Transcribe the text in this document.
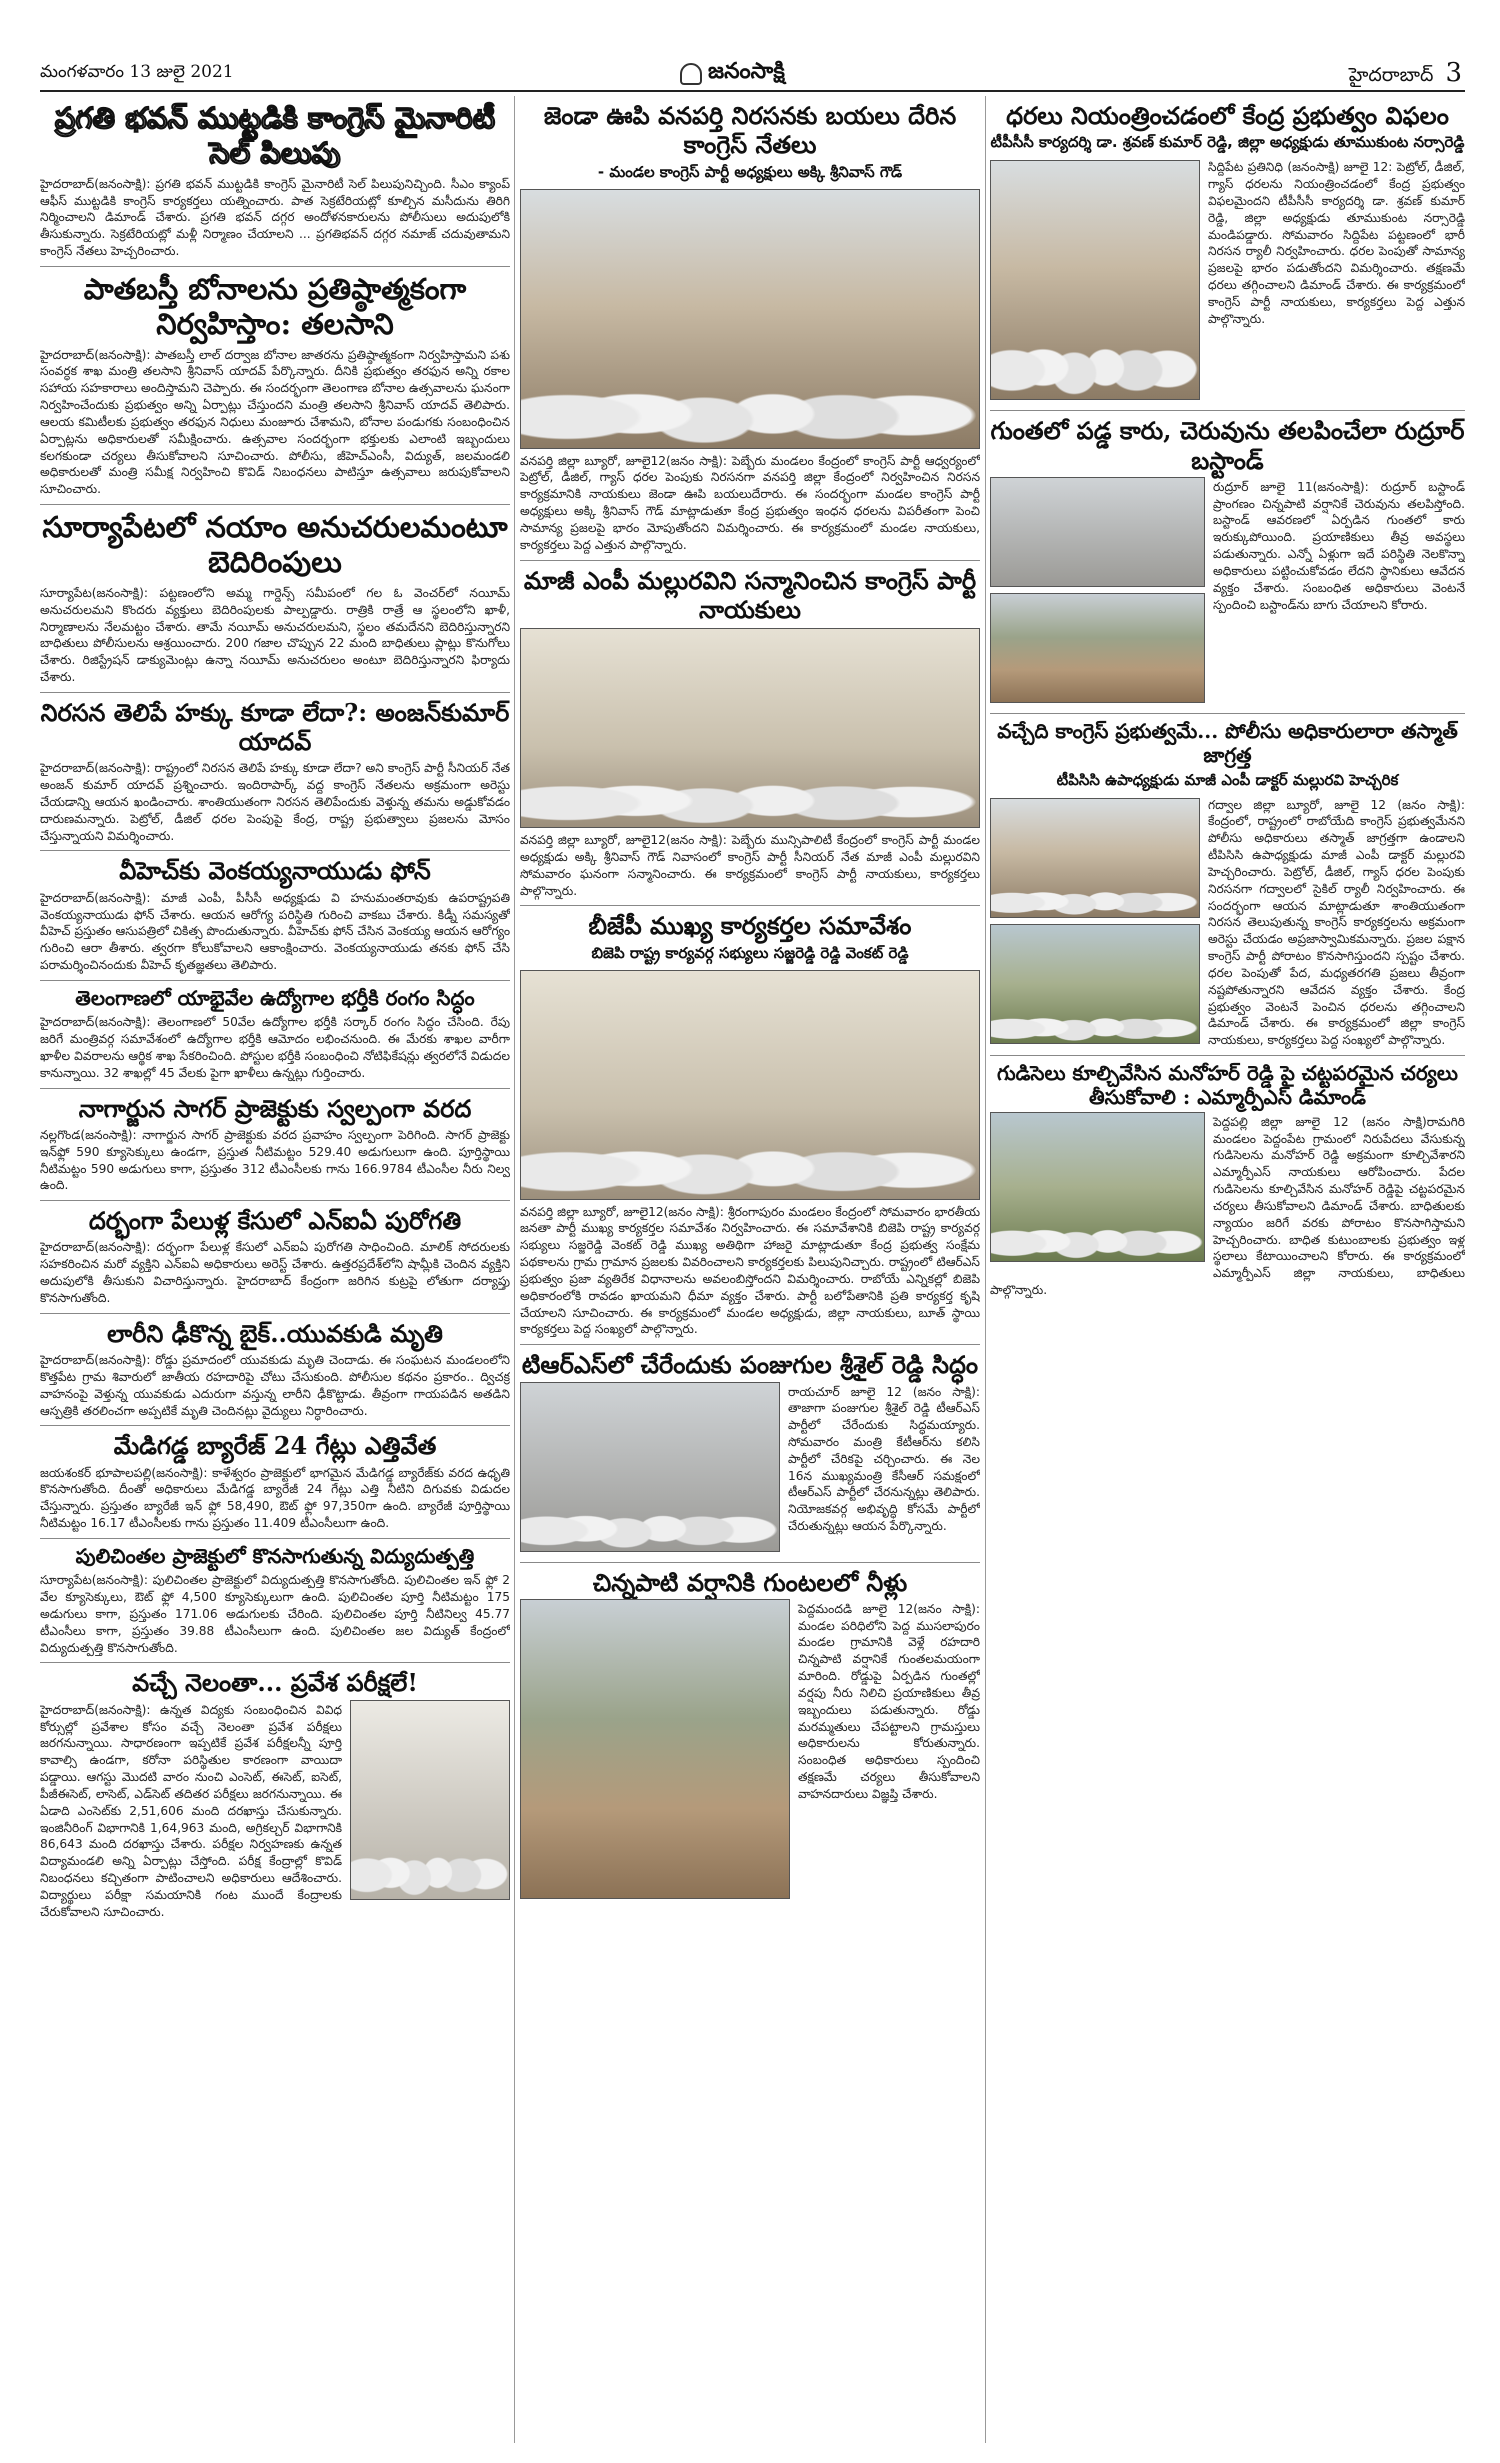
మంగళవారం 13 జులై 2021	జనంసాక్షి	హైదరాబాద్ 3
ప్రగతి భవన్ ముట్టడికి కాంగ్రెస్ మైనారిటీ సెల్ పిలుపు
హైదరాబాద్(జనంసాక్షి): ప్రగతి భవన్ ముట్టడికి కాంగ్రెస్ మైనారిటీ సెల్ పిలుపునిచ్చింది. సీఎం క్యాంప్ ఆఫీస్ ముట్టడికి కాంగ్రెస్ కార్యకర్తలు యత్నించారు. పాత సెక్రటేరియట్లో కూల్చిన మసీదును తిరిగి నిర్మించాలని డిమాండ్ చేశారు. ప్రగతి భవన్ దగ్గర అందోళనకారులను పోలీసులు అదుపులోకి తీసుకున్నారు. సెక్రటేరియట్లో మళ్లీ నిర్మాణం చేయాలని ... ప్రగతిభవన్ దగ్గర నమాజ్ చదువుతామని కాంగ్రెస్ నేతలు హెచ్చరించారు.
పాతబస్తీ బోనాలను ప్రతిష్ఠాత్మకంగా నిర్వహిస్తాం: తలసాని
హైదరాబాద్(జనంసాక్షి): పాతబస్తీ లాల్ దర్వాజ బోనాల జాతరను ప్రతిష్ఠాత్మకంగా నిర్వహిస్తామని పశు సంవర్ధక శాఖ మంత్రి తలసాని శ్రీనివాస్ యాదవ్ పేర్కొన్నారు. దీనికి ప్రభుత్వం తరఫున అన్ని రకాల సహాయ సహకారాలు అందిస్తామని చెప్పారు. ఈ సందర్భంగా తెలంగాణ బోనాల ఉత్సవాలను ఘనంగా నిర్వహించేందుకు ప్రభుత్వం అన్ని ఏర్పాట్లు చేస్తుందని మంత్రి తలసాని శ్రీనివాస్ యాదవ్ తెలిపారు. ఆలయ కమిటీలకు ప్రభుత్వం తరఫున నిధులు మంజూరు చేశామని, బోనాల పండుగకు సంబంధించిన ఏర్పాట్లను అధికారులతో సమీక్షించారు. ఉత్సవాల సందర్భంగా భక్తులకు ఎలాంటి ఇబ్బందులు కలగకుండా చర్యలు తీసుకోవాలని సూచించారు. పోలీసు, జీహెచ్ఎంసీ, విద్యుత్, జలమండలి అధికారులతో మంత్రి సమీక్ష నిర్వహించి కొవిడ్ నిబంధనలు పాటిస్తూ ఉత్సవాలు జరుపుకోవాలని సూచించారు.
సూర్యాపేటలో నయాం అనుచరులమంటూ బెదిరింపులు
సూర్యాపేట(జనంసాక్షి): పట్టణంలోని అమ్మ గార్డెన్స్ సమీపంలో గల ఓ వెంచర్‌లో నయీమ్ అనుచరులమని కొందరు వ్యక్తులు బెదిరింపులకు పాల్పడ్డారు. రాత్రికి రాత్రే ఆ స్థలంలోని ఖాళీ, నిర్మాణాలను నేలమట్టం చేశారు. తామే నయీమ్ అనుచరులమని, స్థలం తమదేనని బెదిరిస్తున్నారని బాధితులు పోలీసులను ఆశ్రయించారు. 200 గజాల చొప్పున 22 మంది బాధితులు ప్లాట్లు కొనుగోలు చేశారు. రిజిస్ట్రేషన్ డాక్యుమెంట్లు ఉన్నా నయీమ్ అనుచరులం అంటూ బెదిరిస్తున్నారని ఫిర్యాదు చేశారు.
నిరసన తెలిపే హక్కు కూడా లేదా?: అంజన్‌కుమార్ యాదవ్
హైదరాబాద్(జనంసాక్షి): రాష్ట్రంలో నిరసన తెలిపే హక్కు కూడా లేదా? అని కాంగ్రెస్ పార్టీ సీనియర్ నేత అంజన్ కుమార్ యాదవ్ ప్రశ్నించారు. ఇందిరాపార్క్ వద్ద కాంగ్రెస్ నేతలను అక్రమంగా అరెస్టు చేయడాన్ని ఆయన ఖండించారు. శాంతియుతంగా నిరసన తెలిపేందుకు వెళ్తున్న తమను అడ్డుకోవడం దారుణమన్నారు. పెట్రోల్, డీజిల్ ధరల పెంపుపై కేంద్ర, రాష్ట్ర ప్రభుత్వాలు ప్రజలను మోసం చేస్తున్నాయని విమర్శించారు.
వీహెచ్‌కు వెంకయ్యనాయుడు ఫోన్
హైదరాబాద్(జనంసాక్షి): మాజీ ఎంపీ, పీసీసీ అధ్యక్షుడు వి హనుమంతరావుకు ఉపరాష్ట్రపతి వెంకయ్యనాయుడు ఫోన్ చేశారు. ఆయన ఆరోగ్య పరిస్థితి గురించి వాకబు చేశారు. కిడ్నీ సమస్యతో వీహెచ్ ప్రస్తుతం ఆసుపత్రిలో చికిత్స పొందుతున్నారు. వీహెచ్‌కు ఫోన్ చేసిన వెంకయ్య ఆయన ఆరోగ్యం గురించి ఆరా తీశారు. త్వరగా కోలుకోవాలని ఆకాంక్షించారు. వెంకయ్యనాయుడు తనకు ఫోన్ చేసి పరామర్శించినందుకు వీహెచ్ కృతజ్ఞతలు తెలిపారు.
తెలంగాణలో యాభైవేల ఉద్యోగాల భర్తీకి రంగం సిద్ధం
హైదరాబాద్(జనంసాక్షి): తెలంగాణలో 50వేల ఉద్యోగాల భర్తీకి సర్కార్ రంగం సిద్ధం చేసింది. రేపు జరిగే మంత్రివర్గ సమావేశంలో ఉద్యోగాల భర్తీకి ఆమోదం లభించనుంది. ఈ మేరకు శాఖల వారీగా ఖాళీల వివరాలను ఆర్థిక శాఖ సేకరించింది. పోస్టుల భర్తీకి సంబంధించి నోటిఫికేషన్లు త్వరలోనే విడుదల కానున్నాయి. 32 శాఖల్లో 45 వేలకు పైగా ఖాళీలు ఉన్నట్లు గుర్తించారు.
నాగార్జున సాగర్ ప్రాజెక్టుకు స్వల్పంగా వరద
నల్లగొండ(జనంసాక్షి): నాగార్జున సాగర్ ప్రాజెక్టుకు వరద ప్రవాహం స్వల్పంగా పెరిగింది. సాగర్ ప్రాజెక్టు ఇన్‌ఫ్లో 590 క్యూసెక్కులు ఉండగా, ప్రస్తుత నీటిమట్టం 529.40 అడుగులుగా ఉంది. పూర్తిస్థాయి నీటిమట్టం 590 అడుగులు కాగా, ప్రస్తుతం 312 టీఎంసీలకు గాను 166.9784 టీఎంసీల నీరు నిల్వ ఉంది.
దర్భంగా పేలుళ్ల కేసులో ఎన్ఐఏ పురోగతి
హైదరాబాద్(జనంసాక్షి): దర్భంగా పేలుళ్ల కేసులో ఎన్ఐఏ పురోగతి సాధించింది. మాలిక్ సోదరులకు సహకరించిన మరో వ్యక్తిని ఎన్ఐఏ అధికారులు అరెస్ట్ చేశారు. ఉత్తరప్రదేశ్‌లోని షామ్లీకి చెందిన వ్యక్తిని అదుపులోకి తీసుకుని విచారిస్తున్నారు. హైదరాబాద్ కేంద్రంగా జరిగిన కుట్రపై లోతుగా దర్యాప్తు కొనసాగుతోంది.
లారీని ఢీకొన్న బైక్..యువకుడి మృతి
హైదరాబాద్(జనంసాక్షి): రోడ్డు ప్రమాదంలో యువకుడు మృతి చెందాడు. ఈ సంఘటన మండలంలోని కొత్తపేట గ్రామ శివారులో జాతీయ రహదారిపై చోటు చేసుకుంది. పోలీసుల కథనం ప్రకారం.. ద్విచక్ర వాహనంపై వెళ్తున్న యువకుడు ఎదురుగా వస్తున్న లారీని ఢీకొట్టాడు. తీవ్రంగా గాయపడిన అతడిని ఆస్పత్రికి తరలించగా అప్పటికే మృతి చెందినట్లు వైద్యులు నిర్ధారించారు.
మేడిగడ్డ బ్యారేజ్ 24 గేట్లు ఎత్తివేత
జయశంకర్ భూపాలపల్లి(జనంసాక్షి): కాళేశ్వరం ప్రాజెక్టులో భాగమైన మేడిగడ్డ బ్యారేజ్‌కు వరద ఉధృతి కొనసాగుతోంది. దీంతో అధికారులు మేడిగడ్డ బ్యారేజీ 24 గేట్లు ఎత్తి నీటిని దిగువకు విడుదల చేస్తున్నారు. ప్రస్తుతం బ్యారేజీ ఇన్ ఫ్లో 58,490, ఔట్ ఫ్లో 97,350గా ఉంది. బ్యారేజీ పూర్తిస్థాయి నీటిమట్టం 16.17 టీఎంసీలకు గాను ప్రస్తుతం 11.409 టీఎంసీలుగా ఉంది.
పులిచింతల ప్రాజెక్టులో కొనసాగుతున్న విద్యుదుత్పత్తి
సూర్యాపేట(జనంసాక్షి): పులిచింతల ప్రాజెక్టులో విద్యుదుత్పత్తి కొనసాగుతోంది. పులిచింతల ఇన్ ఫ్లో 2 వేల క్యూసెక్కులు, ఔట్ ఫ్లో 4,500 క్యూసెక్కులుగా ఉంది. పులిచింతల పూర్తి నీటిమట్టం 175 అడుగులు కాగా, ప్రస్తుతం 171.06 అడుగులకు చేరింది. పులిచింతల పూర్తి నీటినిల్వ 45.77 టీఎంసీలు కాగా, ప్రస్తుతం 39.88 టీఎంసీలుగా ఉంది. పులిచింతల జల విద్యుత్ కేంద్రంలో విద్యుదుత్పత్తి కొనసాగుతోంది.
వచ్చే నెలంతా... ప్రవేశ పరీక్షలే!
హైదరాబాద్(జనంసాక్షి): ఉన్నత విద్యకు సంబంధించిన వివిధ కోర్సుల్లో ప్రవేశాల కోసం వచ్చే నెలంతా ప్రవేశ పరీక్షలు జరగనున్నాయి. సాధారణంగా ఇప్పటికే ప్రవేశ పరీక్షలన్నీ పూర్తి కావాల్సి ఉండగా, కరోనా పరిస్థితుల కారణంగా వాయిదా పడ్డాయి. ఆగస్టు మొదటి వారం నుంచి ఎంసెట్, ఈసెట్, ఐసెట్, పీజీఈసెట్, లాసెట్, ఎడ్‌సెట్ తదితర పరీక్షలు జరగనున్నాయి. ఈ ఏడాది ఎంసెట్‌కు 2,51,606 మంది దరఖాస్తు చేసుకున్నారు. ఇంజినీరింగ్ విభాగానికి 1,64,963 మంది, అగ్రికల్చర్ విభాగానికి 86,643 మంది దరఖాస్తు చేశారు. పరీక్షల నిర్వహణకు ఉన్నత విద్యామండలి అన్ని ఏర్పాట్లు చేస్తోంది. పరీక్ష కేంద్రాల్లో కొవిడ్ నిబంధనలు కచ్చితంగా పాటించాలని అధికారులు ఆదేశించారు. విద్యార్థులు పరీక్షా సమయానికి గంట ముందే కేంద్రాలకు చేరుకోవాలని సూచించారు.
జెండా ఊపి వనపర్తి నిరసనకు బయలు దేరిన కాంగ్రెస్ నేతలు
- మండల కాంగ్రెస్ పార్టీ అధ్యక్షులు అక్కి శ్రీనివాస్ గౌడ్
వనపర్తి జిల్లా బ్యూరో, జూలై12(జనం సాక్షి): పెబ్బేరు మండలం కేంద్రంలో కాంగ్రెస్ పార్టీ ఆధ్వర్యంలో పెట్రోల్, డీజిల్, గ్యాస్ ధరల పెంపుకు నిరసనగా వనపర్తి జిల్లా కేంద్రంలో నిర్వహించిన నిరసన కార్యక్రమానికి నాయకులు జెండా ఊపి బయలుదేరారు. ఈ సందర్భంగా మండల కాంగ్రెస్ పార్టీ అధ్యక్షులు అక్కి శ్రీనివాస్ గౌడ్ మాట్లాడుతూ కేంద్ర ప్రభుత్వం ఇంధన ధరలను విపరీతంగా పెంచి సామాన్య ప్రజలపై భారం మోపుతోందని విమర్శించారు. ఈ కార్యక్రమంలో మండల నాయకులు, కార్యకర్తలు పెద్ద ఎత్తున పాల్గొన్నారు.
మాజీ ఎంపీ మల్లురవిని సన్మానించిన కాంగ్రెస్ పార్టీ నాయకులు
వనపర్తి జిల్లా బ్యూరో, జూలై12(జనం సాక్షి): పెబ్బేరు మున్సిపాలిటీ కేంద్రంలో కాంగ్రెస్ పార్టీ మండల అధ్యక్షుడు అక్కి శ్రీనివాస్ గౌడ్ నివాసంలో కాంగ్రెస్ పార్టీ సీనియర్ నేత మాజీ ఎంపీ మల్లురవిని సోమవారం ఘనంగా సన్మానించారు. ఈ కార్యక్రమంలో కాంగ్రెస్ పార్టీ నాయకులు, కార్యకర్తలు పాల్గొన్నారు.
బీజేపీ ముఖ్య కార్యకర్తల సమావేశం
బిజెపి రాష్ట్ర కార్యవర్గ సభ్యులు సజ్జరెడ్డి రెడ్డి వెంకట్ రెడ్డి
వనపర్తి జిల్లా బ్యూరో, జూలై12(జనం సాక్షి): శ్రీరంగాపురం మండలం కేంద్రంలో సోమవారం భారతీయ జనతా పార్టీ ముఖ్య కార్యకర్తల సమావేశం నిర్వహించారు. ఈ సమావేశానికి బిజెపి రాష్ట్ర కార్యవర్గ సభ్యులు సజ్జరెడ్డి వెంకట్ రెడ్డి ముఖ్య అతిథిగా హాజరై మాట్లాడుతూ కేంద్ర ప్రభుత్వ సంక్షేమ పథకాలను గ్రామ గ్రామాన ప్రజలకు వివరించాలని కార్యకర్తలకు పిలుపునిచ్చారు. రాష్ట్రంలో టిఆర్ఎస్ ప్రభుత్వం ప్రజా వ్యతిరేక విధానాలను అవలంబిస్తోందని విమర్శించారు. రాబోయే ఎన్నికల్లో బిజెపి అధికారంలోకి రావడం ఖాయమని ధీమా వ్యక్తం చేశారు. పార్టీ బలోపేతానికి ప్రతి కార్యకర్త కృషి చేయాలని సూచించారు. ఈ కార్యక్రమంలో మండల అధ్యక్షుడు, జిల్లా నాయకులు, బూత్ స్థాయి కార్యకర్తలు పెద్ద సంఖ్యలో పాల్గొన్నారు.
టిఆర్ఎస్‌లో చేరేందుకు పంజుగుల శ్రీశైల్ రెడ్డి సిద్ధం
రాయచూర్ జూలై 12 (జనం సాక్షి): తాజాగా పంజుగుల శ్రీశైల్ రెడ్డి టీఆర్ఎస్ పార్టీలో చేరేందుకు సిద్ధమయ్యారు. సోమవారం మంత్రి కేటీఆర్‌ను కలిసి పార్టీలో చేరికపై చర్చించారు. ఈ నెల 16న ముఖ్యమంత్రి కేసీఆర్ సమక్షంలో టీఆర్ఎస్ పార్టీలో చేరనున్నట్లు తెలిపారు. నియోజకవర్గ అభివృద్ధి కోసమే పార్టీలో చేరుతున్నట్లు ఆయన పేర్కొన్నారు.
చిన్నపాటి వర్షానికి గుంటలలో నీళ్లు
పెద్దమందడి జూలై 12(జనం సాక్షి): మండల పరిధిలోని పెద్ద ముసలాపురం మండల గ్రామానికి వెళ్లే రహదారి చిన్నపాటి వర్షానికే గుంతలమయంగా మారింది. రోడ్డుపై ఏర్పడిన గుంతల్లో వర్షపు నీరు నిలిచి ప్రయాణికులు తీవ్ర ఇబ్బందులు పడుతున్నారు. రోడ్డు మరమ్మతులు చేపట్టాలని గ్రామస్తులు అధికారులను కోరుతున్నారు. సంబంధిత అధికారులు స్పందించి తక్షణమే చర్యలు తీసుకోవాలని వాహనదారులు విజ్ఞప్తి చేశారు.
ధరలు నియంత్రించడంలో కేంద్ర ప్రభుత్వం విఫలం
టీపీసీసీ కార్యదర్శి డా. శ్రవణ్ కుమార్ రెడ్డి, జిల్లా అధ్యక్షుడు తూముకుంట నర్సారెడ్డి
సిద్దిపేట ప్రతినిధి (జనంసాక్షి) జూలై 12: పెట్రోల్, డీజిల్, గ్యాస్ ధరలను నియంత్రించడంలో కేంద్ర ప్రభుత్వం విఫలమైందని టీపీసీసీ కార్యదర్శి డా. శ్రవణ్ కుమార్ రెడ్డి, జిల్లా అధ్యక్షుడు తూముకుంట నర్సారెడ్డి మండిపడ్డారు. సోమవారం సిద్దిపేట పట్టణంలో భారీ నిరసన ర్యాలీ నిర్వహించారు. ధరల పెంపుతో సామాన్య ప్రజలపై భారం పడుతోందని విమర్శించారు. తక్షణమే ధరలు తగ్గించాలని డిమాండ్ చేశారు. ఈ కార్యక్రమంలో కాంగ్రెస్ పార్టీ నాయకులు, కార్యకర్తలు పెద్ద ఎత్తున పాల్గొన్నారు.
గుంతలో పడ్డ కారు, చెరువును తలపించేలా రుద్రూర్ బస్టాండ్
రుద్రూర్ జూలై 11(జనంసాక్షి): రుద్రూర్ బస్టాండ్ ప్రాంగణం చిన్నపాటి వర్షానికే చెరువును తలపిస్తోంది. బస్టాండ్ ఆవరణలో ఏర్పడిన గుంతలో కారు ఇరుక్కుపోయింది. ప్రయాణికులు తీవ్ర అవస్థలు పడుతున్నారు. ఎన్నో ఏళ్లుగా ఇదే పరిస్థితి నెలకొన్నా అధికారులు పట్టించుకోవడం లేదని స్థానికులు ఆవేదన వ్యక్తం చేశారు. సంబంధిత అధికారులు వెంటనే స్పందించి బస్టాండ్‌ను బాగు చేయాలని కోరారు.
వచ్చేది కాంగ్రెస్ ప్రభుత్వమే... పోలీసు అధికారులారా తస్మాత్ జాగ్రత్త
టీపిసిసి ఉపాధ్యక్షుడు మాజీ ఎంపీ డాక్టర్ మల్లురవి హెచ్చరిక
గద్వాల జిల్లా బ్యూరో, జూలై 12 (జనం సాక్షి): కేంద్రంలో, రాష్ట్రంలో రాబోయేది కాంగ్రెస్ ప్రభుత్వమేనని పోలీసు అధికారులు తస్మాత్ జాగ్రత్తగా ఉండాలని టీపిసిసి ఉపాధ్యక్షుడు మాజీ ఎంపీ డాక్టర్ మల్లురవి హెచ్చరించారు. పెట్రోల్, డీజిల్, గ్యాస్ ధరల పెంపుకు నిరసనగా గద్వాలలో సైకిల్ ర్యాలీ నిర్వహించారు. ఈ సందర్భంగా ఆయన మాట్లాడుతూ శాంతియుతంగా నిరసన తెలుపుతున్న కాంగ్రెస్ కార్యకర్తలను అక్రమంగా అరెస్టు చేయడం అప్రజాస్వామికమన్నారు. ప్రజల పక్షాన కాంగ్రెస్ పార్టీ పోరాటం కొనసాగిస్తుందని స్పష్టం చేశారు. ధరల పెంపుతో పేద, మధ్యతరగతి ప్రజలు తీవ్రంగా నష్టపోతున్నారని ఆవేదన వ్యక్తం చేశారు. కేంద్ర ప్రభుత్వం వెంటనే పెంచిన ధరలను తగ్గించాలని డిమాండ్ చేశారు. ఈ కార్యక్రమంలో జిల్లా కాంగ్రెస్ నాయకులు, కార్యకర్తలు పెద్ద సంఖ్యలో పాల్గొన్నారు.
గుడిసెలు కూల్చివేసిన మనోహర్ రెడ్డి పై చట్టపరమైన చర్యలు తీసుకోవాలి : ఎమ్మార్పీఎస్ డిమాండ్
పెద్దపల్లి జిల్లా జూలై 12 (జనం సాక్షి)రామగిరి మండలం పెద్దంపేట గ్రామంలో నిరుపేదలు వేసుకున్న గుడిసెలను మనోహర్ రెడ్డి అక్రమంగా కూల్చివేశారని ఎమ్మార్పీఎస్ నాయకులు ఆరోపించారు. పేదల గుడిసెలను కూల్చివేసిన మనోహర్ రెడ్డిపై చట్టపరమైన చర్యలు తీసుకోవాలని డిమాండ్ చేశారు. బాధితులకు న్యాయం జరిగే వరకు పోరాటం కొనసాగిస్తామని హెచ్చరించారు. బాధిత కుటుంబాలకు ప్రభుత్వం ఇళ్ల స్థలాలు కేటాయించాలని కోరారు. ఈ కార్యక్రమంలో ఎమ్మార్పీఎస్ జిల్లా నాయకులు, బాధితులు పాల్గొన్నారు.
